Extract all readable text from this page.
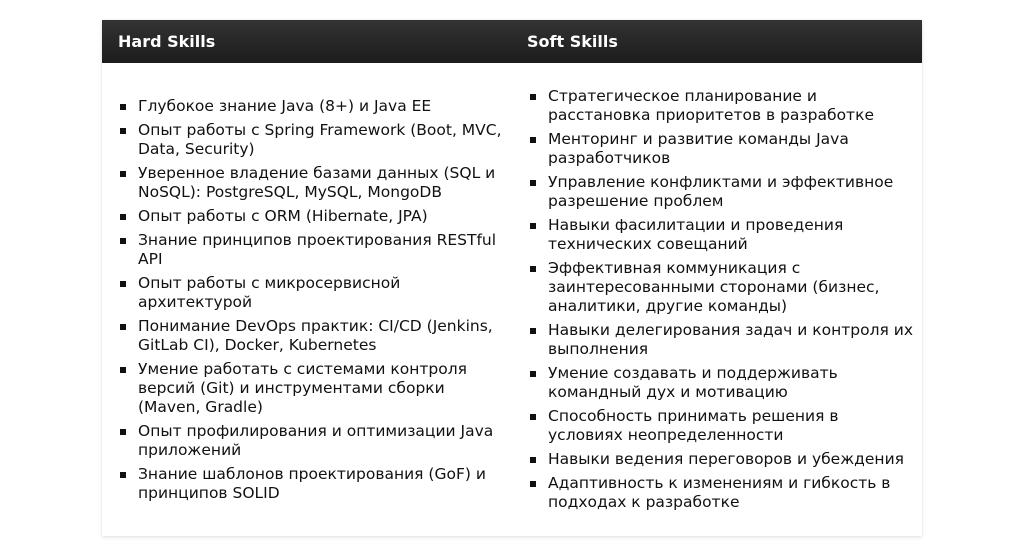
Hard Skills	Soft Skills
Глубокое знание Java (8+) и Java EE
Опыт работы с Spring Framework (Boot, MVC, Data, Security)
Уверенное владение базами данных (SQL и NoSQL): PostgreSQL, MySQL, MongoDB
Опыт работы с ORM (Hibernate, JPA)
Знание принципов проектирования RESTful API
Опыт работы с микросервисной архитектурой
Понимание DevOps практик: CI/CD (Jenkins, GitLab CI), Docker, Kubernetes
Умение работать с системами контроля версий (Git) и инструментами сборки (Maven, Gradle)
Опыт профилирования и оптимизации Java приложений
Знание шаблонов проектирования (GoF) и принципов SOLID
Стратегическое планирование и расстановка приоритетов в разработке
Менторинг и развитие команды Java разработчиков
Управление конфликтами и эффективное разрешение проблем
Навыки фасилитации и проведения технических совещаний
Эффективная коммуникация с заинтересованными сторонами (бизнес, аналитики, другие команды)
Навыки делегирования задач и контроля их выполнения
Умение создавать и поддерживать командный дух и мотивацию
Способность принимать решения в условиях неопределенности
Навыки ведения переговоров и убеждения
Адаптивность к изменениям и гибкость в подходах к разработке
